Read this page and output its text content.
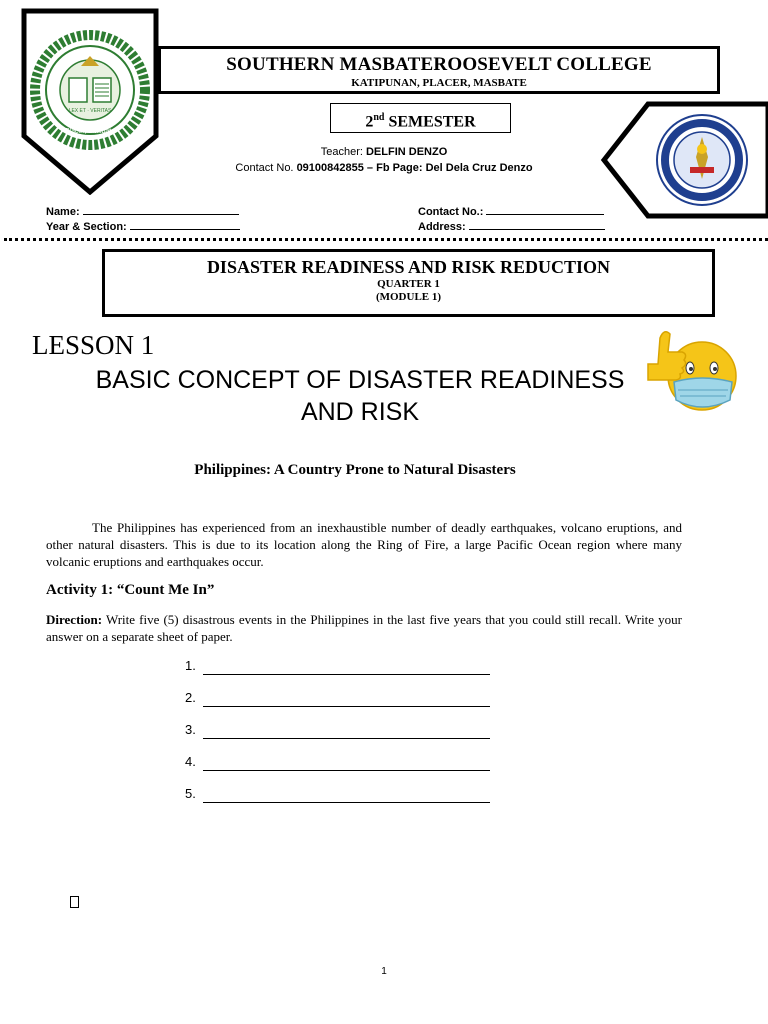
LEX ET · VERITAS
Placer, Masbate
SOUTHERN MASBATEROOSEVELT COLLEGE
KATIPUNAN, PLACER, MASBATE
2nd SEMESTER
Teacher: DELFIN DENZO
Contact No. 09100842855 – Fb Page: Del Dela Cruz Denzo
Name:
Year & Section:
Contact No.:
Address:
DISASTER READINESS AND RISK REDUCTION
QUARTER 1
(MODULE 1)
LESSON 1
BASIC CONCEPT OF DISASTER READINESS
AND RISK
Philippines: A Country Prone to Natural Disasters
The Philippines has experienced from an inexhaustible number of deadly earthquakes, volcano eruptions, and other natural disasters. This is due to its location along the Ring of Fire, a large Pacific Ocean region where many volcanic eruptions and earthquakes occur.
Activity 1: “Count Me In”
Direction: Write five (5) disastrous events in the Philippines in the last five years that you could still recall. Write your answer on a separate sheet of paper.
1.
2.
3.
4.
5.
1
